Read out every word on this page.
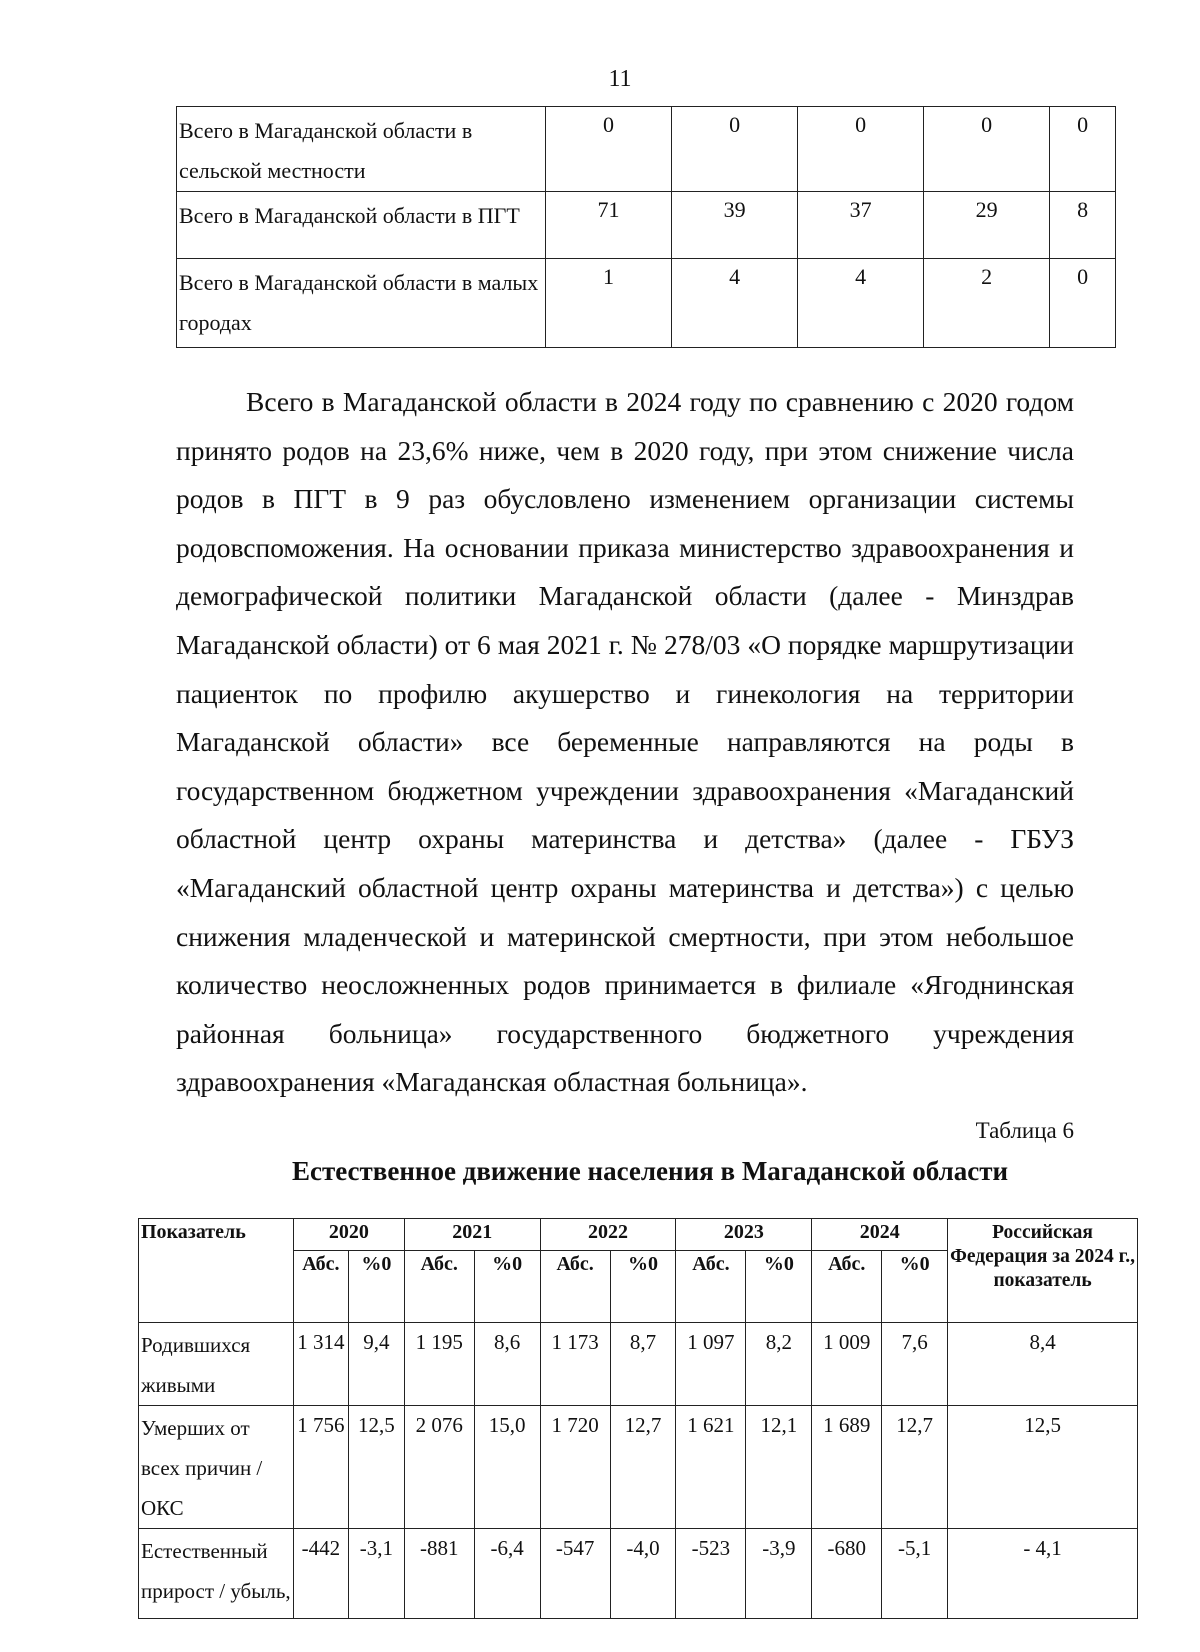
11
Всего в Магаданской области в сельской местности	0	0	0	0	0
Всего в Магаданской области в ПГТ	71	39	37	29	8
Всего в Магаданской области в малых городах	1	4	4	2	0

Всего в Магаданской области в 2024 году по сравнению с 2020 годом принято родов на 23,6% ниже, чем в 2020 году, при этом снижение числа родов в ПГТ в 9 раз обусловлено изменением организации системы родовспоможения. На основании приказа министерство здравоохранения и демографической политики Магаданской области (далее - Минздрав Магаданской области) от 6 мая 2021 г. № 278/03 «О порядке маршрутизации пациенток по профилю акушерство и гинекология на территории Магаданской области» все беременные направляются на роды в государственном бюджетном учреждении здравоохранения «Магаданский областной центр охраны материнства и детства» (далее - ГБУЗ «Магаданский областной центр охраны материнства и детства») с целью снижения младенческой и материнской смертности, при этом небольшое количество неосложненных родов принимается в филиале «Ягоднинская районная больница» государственного бюджетного учреждения здравоохранения «Магаданская областная больница».

Таблица 6
Естественное движение населения в Магаданской области
Показатель	2020		2021		2022		2023		2024		Российская Федерация за 2024 г., показатель
	Абс.	%0	Абс.	%0	Абс.	%0	Абс.	%0	Абс.	%0	
Родившихся живыми	1 314	9,4	1 195	8,6	1 173	8,7	1 097	8,2	1 009	7,6	8,4
Умерших от всех причин / ОКС	1 756	12,5	2 076	15,0	1 720	12,7	1 621	12,1	1 689	12,7	12,5
Естественный прирост / убыль,	-442	-3,1	-881	-6,4	-547	-4,0	-523	-3,9	-680	-5,1	- 4,1
